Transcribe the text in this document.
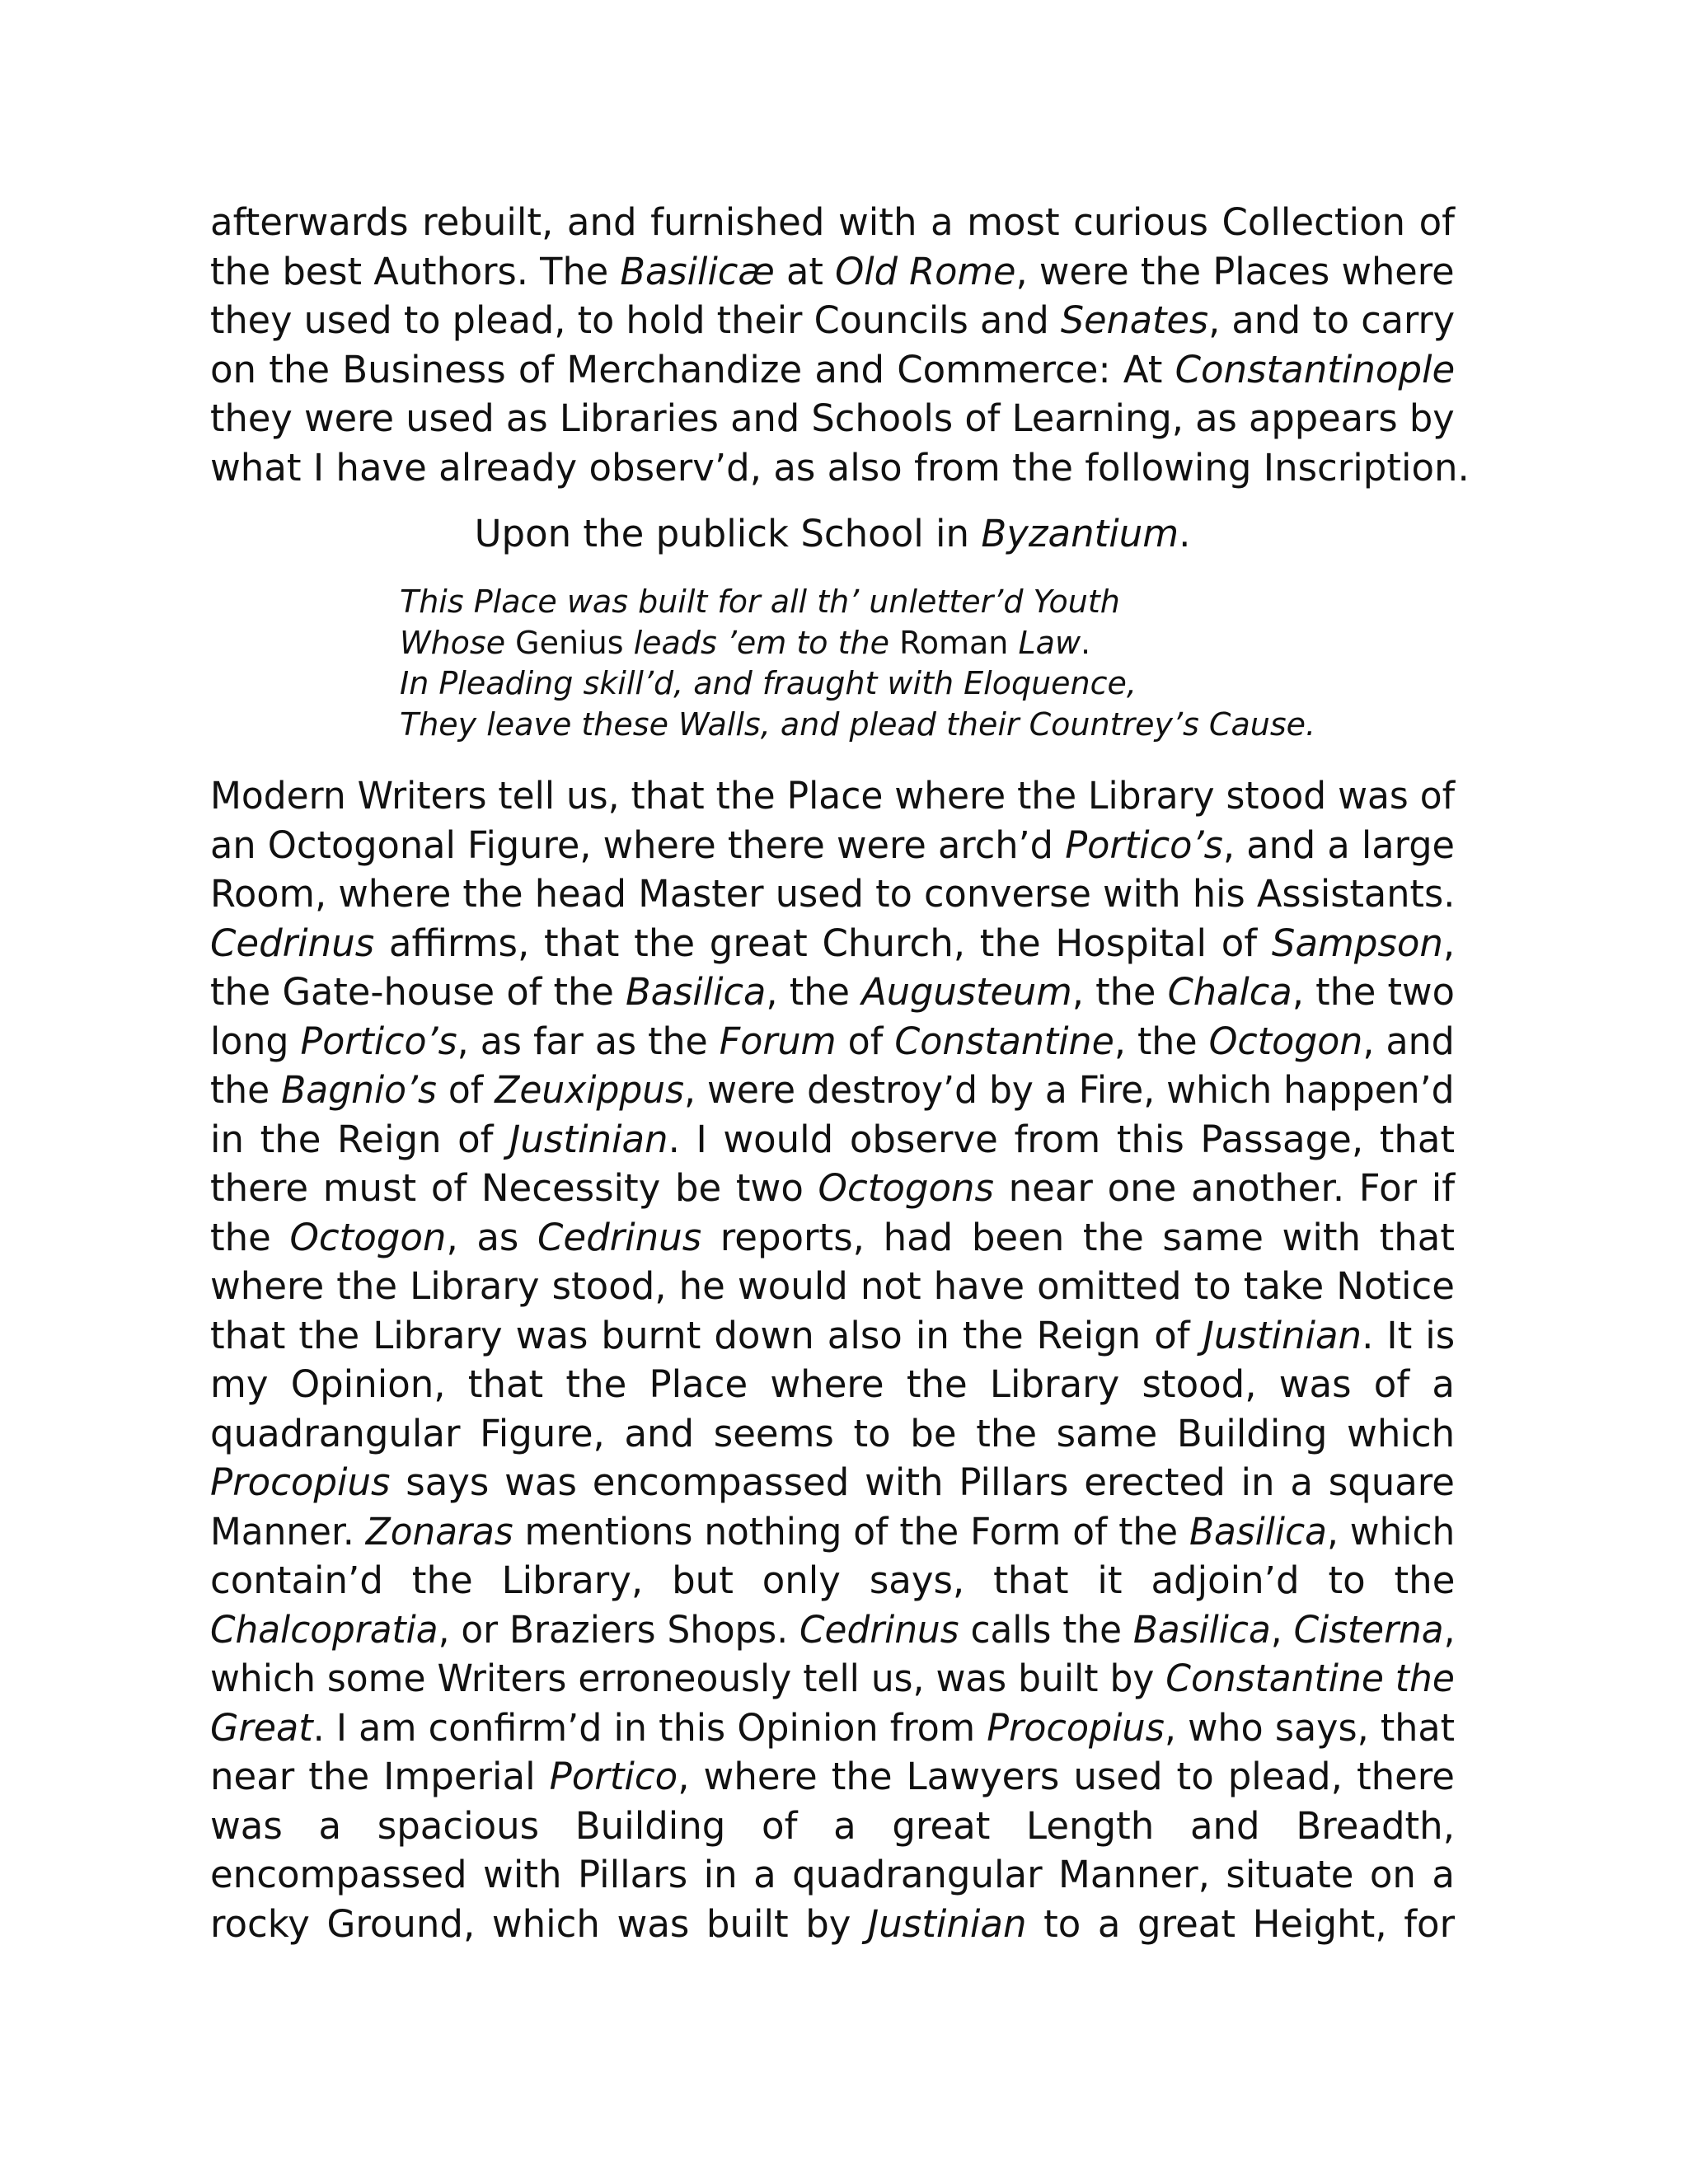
afterwards rebuilt, and furnished with a most curious Collection of
the best Authors. The Basilicæ at Old Rome, were the Places where
they used to plead, to hold their Councils and Senates, and to carry
on the Business of Merchandize and Commerce: At Constantinople
they were used as Libraries and Schools of Learning, as appears by
what I have already observ’d, as also from the following Inscription.

Upon the publick School in Byzantium.

This Place was built for all th’ unletter’d Youth
Whose Genius leads ’em to the Roman Law.
In Pleading skill’d, and fraught with Eloquence,
They leave these Walls, and plead their Countrey’s Cause.
Modern Writers tell us, that the Place where the Library stood was of
an Octogonal Figure, where there were arch’d Portico’s, and a large
Room, where the head Master used to converse with his Assistants.
Cedrinus affirms, that the great Church, the Hospital of Sampson,
the Gate-house of the Basilica, the Augusteum, the Chalca, the two
long Portico’s, as far as the Forum of Constantine, the Octogon, and
the Bagnio’s of Zeuxippus, were destroy’d by a Fire, which happen’d
in the Reign of Justinian. I would observe from this Passage, that
there must of Necessity be two Octogons near one another. For if
the Octogon, as Cedrinus reports, had been the same with that
where the Library stood, he would not have omitted to take Notice
that the Library was burnt down also in the Reign of Justinian. It is
my Opinion, that the Place where the Library stood, was of a
quadrangular Figure, and seems to be the same Building which
Procopius says was encompassed with Pillars erected in a square
Manner. Zonaras mentions nothing of the Form of the Basilica, which
contain’d the Library, but only says, that it adjoin’d to the
Chalcopratia, or Braziers Shops. Cedrinus calls the Basilica, Cisterna,
which some Writers erroneously tell us, was built by Constantine the
Great. I am confirm’d in this Opinion from Procopius, who says, that
near the Imperial Portico, where the Lawyers used to plead, there
was a spacious Building of a great Length and Breadth,
encompassed with Pillars in a quadrangular Manner, situate on a
rocky Ground, which was built by Justinian to a great Height, for
